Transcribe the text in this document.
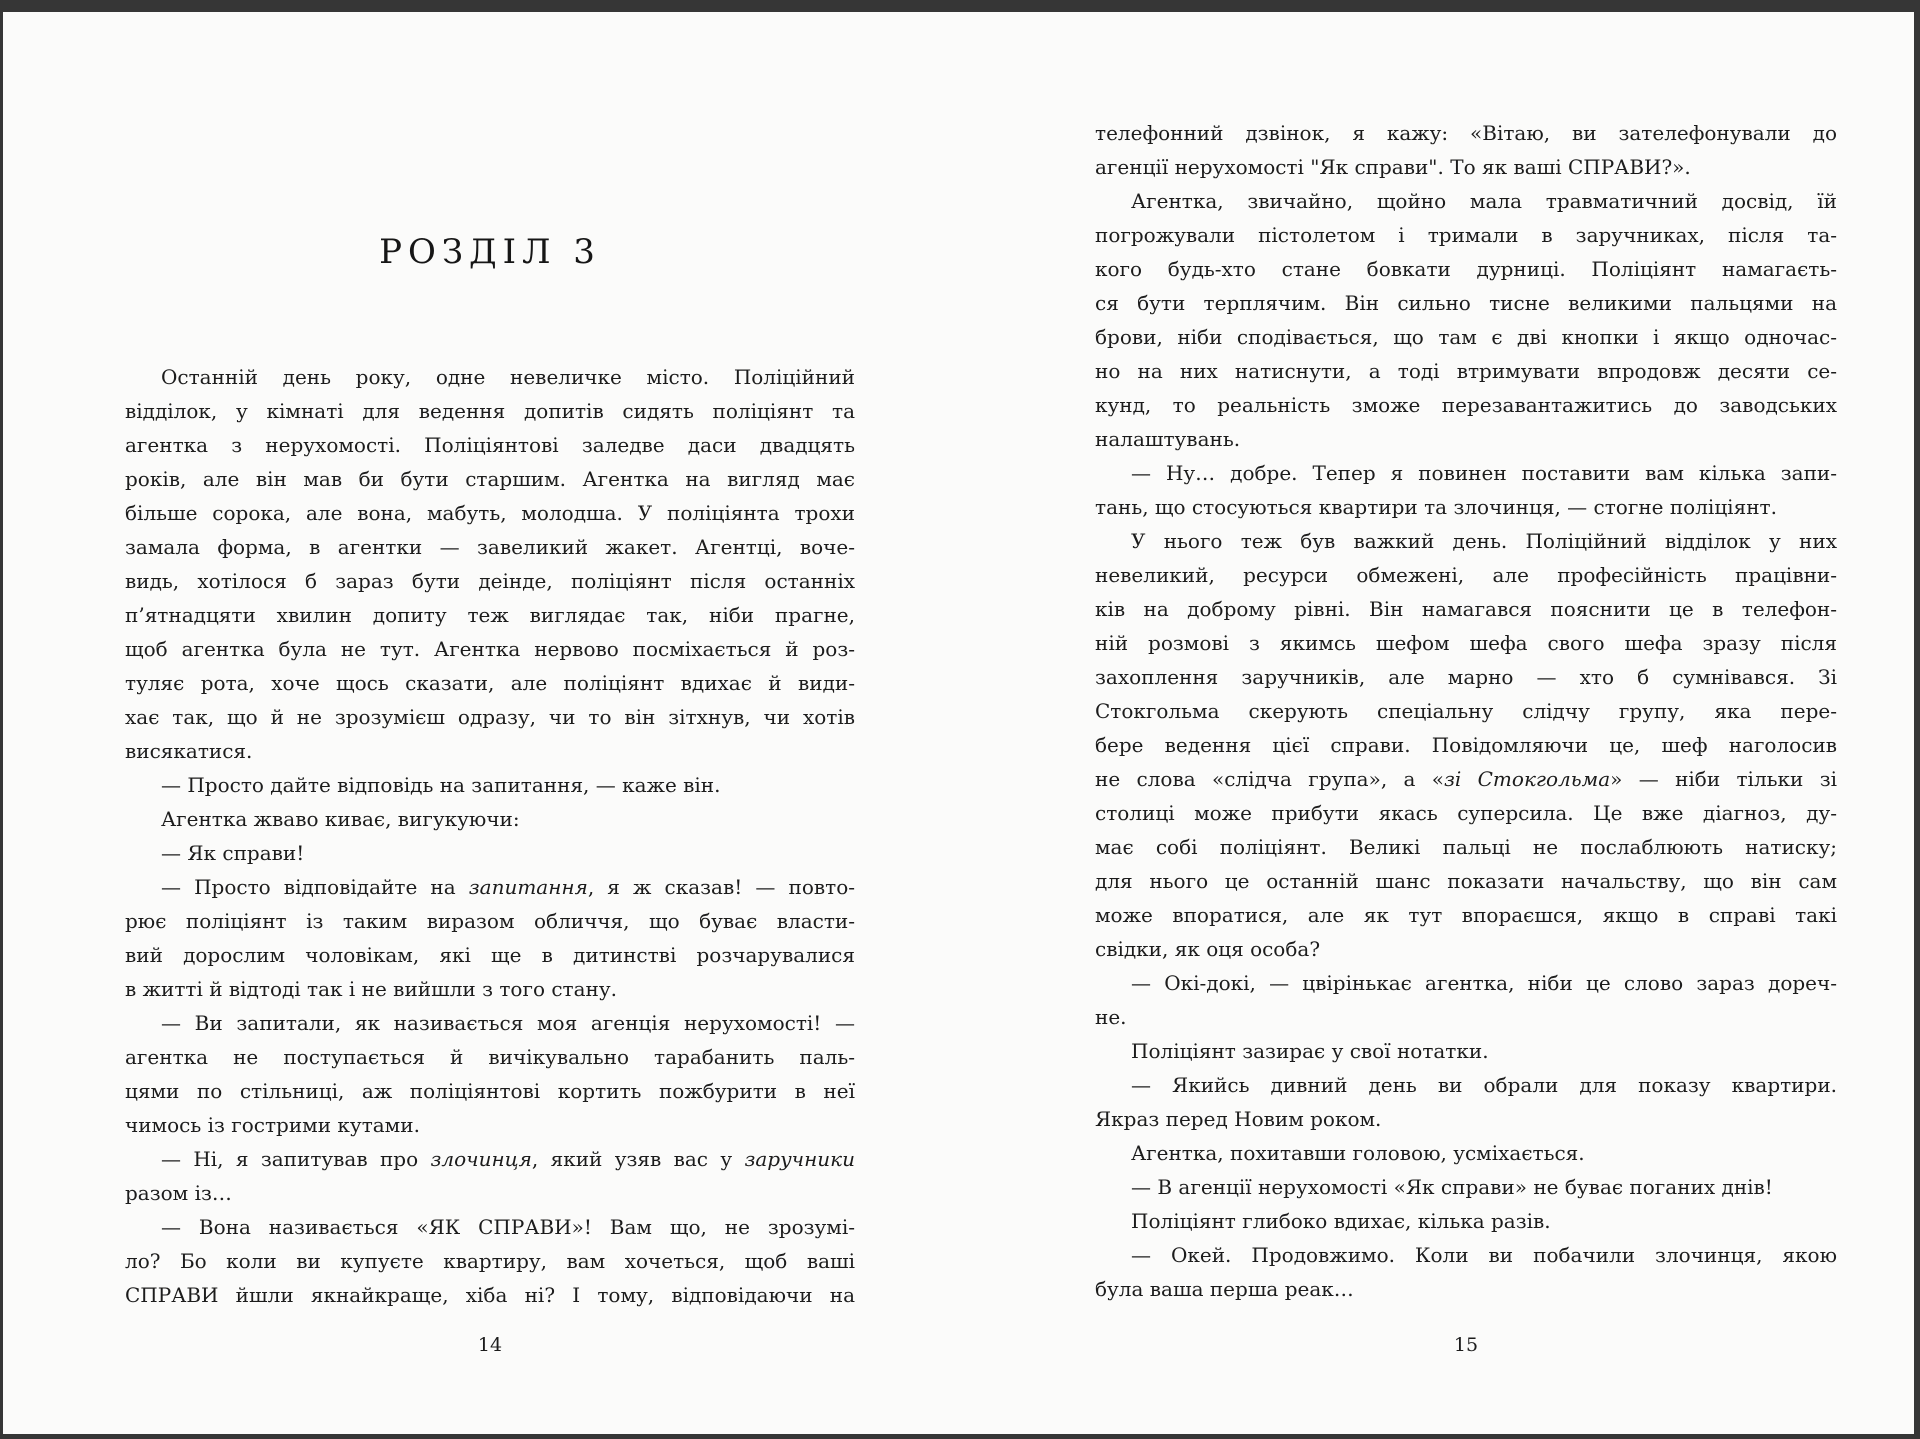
РОЗДІЛ 3
Останній день року, одне невеличке місто. Поліційний
відділок, у кімнаті для ведення допитів сидять поліціянт та
агентка з нерухомості. Поліціянтові заледве даси двадцять
років, але він мав би бути старшим. Агентка на вигляд має
більше сорока, але вона, мабуть, молодша. У поліціянта трохи
замала форма, в агентки — завеликий жакет. Агентці, воче-
видь, хотілося б зараз бути деінде, поліціянт після останніх
п’ятнадцяти хвилин допиту теж виглядає так, ніби прагне,
щоб агентка була не тут. Агентка нервово посміхається й роз-
туляє рота, хоче щось сказати, але поліціянт вдихає й види-
хає так, що й не зрозумієш одразу, чи то він зітхнув, чи хотів
висякатися.
— Просто дайте відповідь на запитання, — каже він.
Агентка жваво киває, вигукуючи:
— Як справи!
— Просто відповідайте на запитання, я ж сказав! — повто-
рює поліціянт із таким виразом обличчя, що буває власти-
вий дорослим чоловікам, які ще в дитинстві розчарувалися
в житті й відтоді так і не вийшли з того стану.
— Ви запитали, як називається моя агенція нерухомості! —
агентка не поступається й вичікувально тарабанить паль-
цями по стільниці, аж поліціянтові кортить пожбурити в неї
чимось із гострими кутами.
— Ні, я запитував про злочинця, який узяв вас у заручники
разом із…
— Вона називається «ЯК СПРАВИ»! Вам що, не зрозумі-
ло? Бо коли ви купуєте квартиру, вам хочеться, щоб ваші
СПРАВИ йшли якнайкраще, хіба ні? І тому, відповідаючи на
телефонний дзвінок, я кажу: «Вітаю, ви зателефонували до
агенції нерухомості "Як справи". То як ваші СПРАВИ?».
Агентка, звичайно, щойно мала травматичний досвід, їй
погрожували пістолетом і тримали в заручниках, після та-
кого будь-хто стане бовкати дурниці. Поліціянт намагаєть-
ся бути терплячим. Він сильно тисне великими пальцями на
брови, ніби сподівається, що там є дві кнопки і якщо одночас-
но на них натиснути, а тоді втримувати впродовж десяти се-
кунд, то реальність зможе перезавантажитись до заводських
налаштувань.
— Ну… добре. Тепер я повинен поставити вам кілька запи-
тань, що стосуються квартири та злочинця, — стогне поліціянт.
У нього теж був важкий день. Поліційний відділок у них
невеликий, ресурси обмежені, але професійність працівни-
ків на доброму рівні. Він намагався пояснити це в телефон-
ній розмові з якимсь шефом шефа свого шефа зразу після
захоплення заручників, але марно — хто б сумнівався. Зі
Стокгольма скерують спеціальну слідчу групу, яка пере-
бере ведення цієї справи. Повідомляючи це, шеф наголосив
не слова «слідча група», а «зі Стокгольма» — ніби тільки зі
столиці може прибути якась суперсила. Це вже діагноз, ду-
має собі поліціянт. Великі пальці не послаблюють натиску;
для нього це останній шанс показати начальству, що він сам
може впоратися, але як тут впораєшся, якщо в справі такі
свідки, як оця особа?
— Окі-докі, — цвірінькає агентка, ніби це слово зараз дореч-
не.
Поліціянт зазирає у свої нотатки.
— Якийсь дивний день ви обрали для показу квартири.
Якраз перед Новим роком.
Агентка, похитавши головою, усміхається.
— В агенції нерухомості «Як справи» не буває поганих днів!
Поліціянт глибоко вдихає, кілька разів.
— Окей. Продовжимо. Коли ви побачили злочинця, якою
була ваша перша реак…
14	15
